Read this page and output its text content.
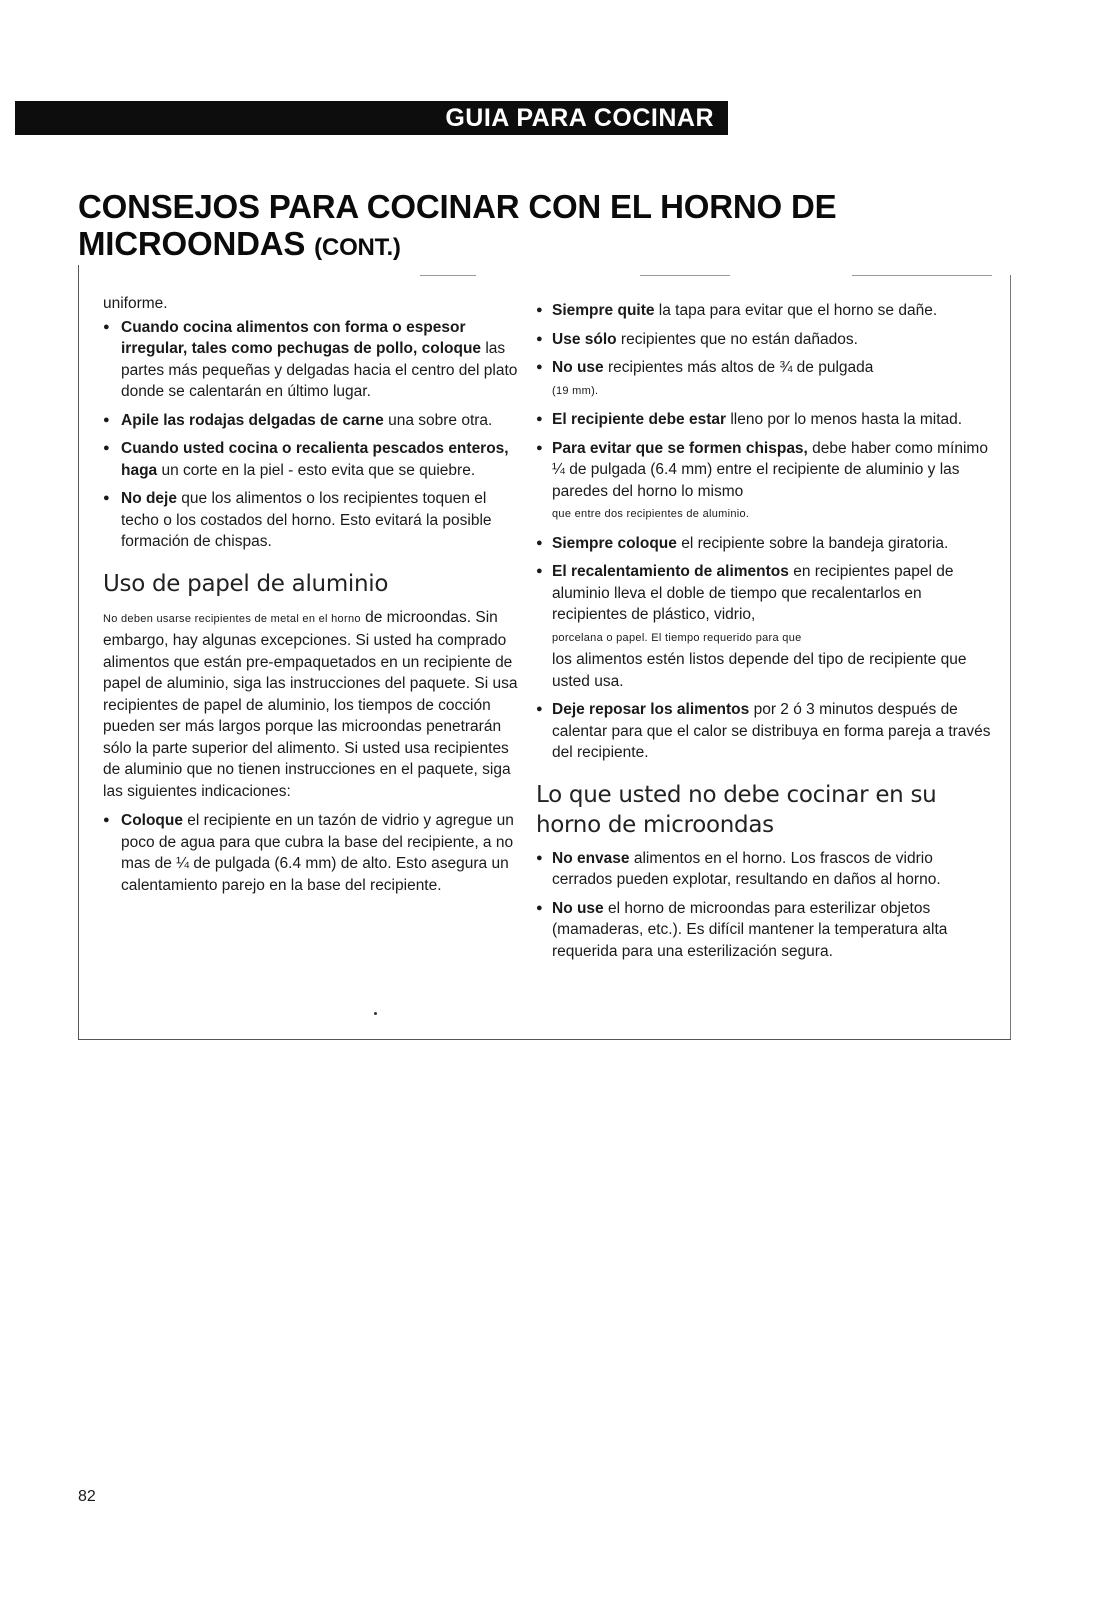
GUIA PARA COCINAR
CONSEJOS PARA COCINAR CON EL HORNO DE MICROONDAS (CONT.)

uniforme.

● Cuando cocina alimentos con forma o espesor irregular, tales como pechugas de pollo, coloque las partes más pequeñas y delgadas hacia el centro del plato donde se calentarán en último lugar.
● Apile las rodajas delgadas de carne una sobre otra.
● Cuando usted cocina o recalienta pescados enteros, haga un corte en la piel - esto evita que se quiebre.
● No deje que los alimentos o los recipientes toquen el techo o los costados del horno. Esto evitará la posible formación de chispas.
Uso de papel de aluminio

No deben usarse recipientes de metal en el horno de microondas. Sin embargo, hay algunas excepciones. Si usted ha comprado alimentos que están pre-empaquetados en un recipiente de papel de aluminio, siga las instrucciones del paquete. Si usa recipientes de papel de aluminio, los tiempos de cocción pueden ser más largos porque las microondas penetrarán sólo la parte superior del alimento. Si usted usa recipientes de aluminio que no tienen instrucciones en el paquete, siga las siguientes indicaciones:

● Coloque el recipiente en un tazón de vidrio y agregue un poco de agua para que cubra la base del recipiente, a no mas de ¼ de pulgada (6.4 mm) de alto. Esto asegura un calentamiento parejo en la base del recipiente.
● Siempre quite la tapa para evitar que el horno se dañe.
● Use sólo recipientes que no están dañados.
● No use recipientes más altos de ¾ de pulgada
(19 mm).
● El recipiente debe estar lleno por lo menos hasta la mitad.
● Para evitar que se formen chispas, debe haber como mínimo ¼ de pulgada (6.4 mm) entre el recipiente de aluminio y las paredes del horno lo mismo
que entre dos recipientes de aluminio.
● Siempre coloque el recipiente sobre la bandeja giratoria.
● El recalentamiento de alimentos en recipientes papel de aluminio lleva el doble de tiempo que recalentarlos en recipientes de plástico, vidrio,
porcelana o papel. El tiempo requerido para que
los alimentos estén listos depende del tipo de recipiente que usted usa.
● Deje reposar los alimentos por 2 ó 3 minutos después de calentar para que el calor se distribuya en forma pareja a través del recipiente.
Lo que usted no debe cocinar en su horno de microondas
● No envase alimentos en el horno. Los frascos de vidrio cerrados pueden explotar, resultando en daños al horno.
● No use el horno de microondas para esterilizar objetos (mamaderas, etc.). Es difícil mantener la temperatura alta requerida para una esterilización segura.
82
